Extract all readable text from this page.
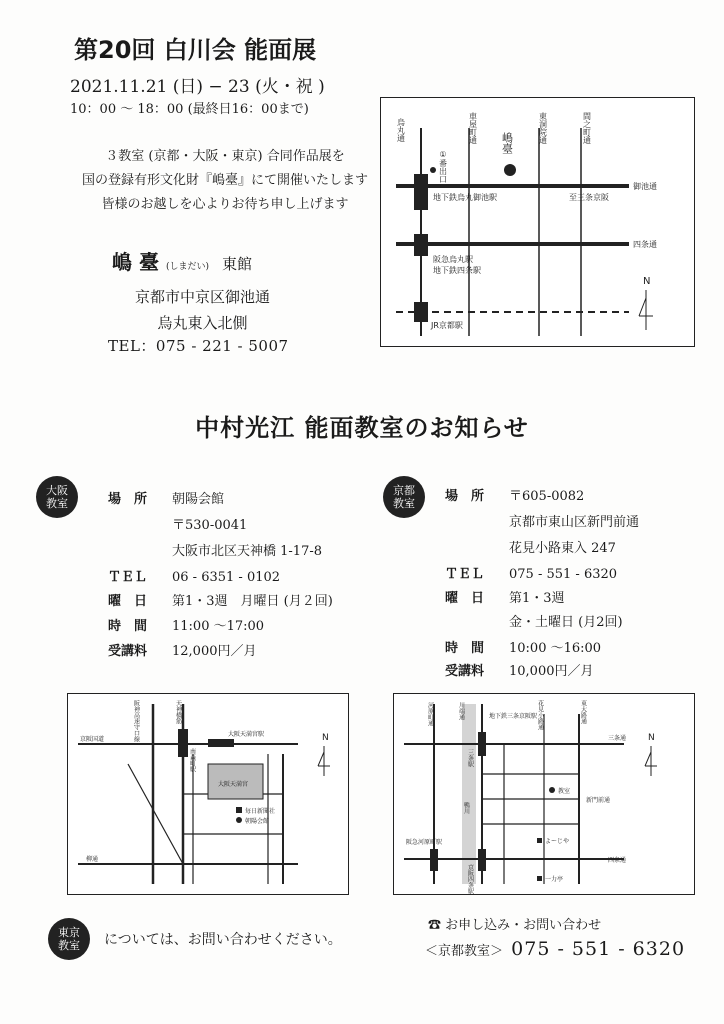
第20回 白川会 能面展
2021.11.21 (日) − 23 (火・祝 )
10：00 〜 18：00 (最終日16：00まで)
３教室 (京都・大阪・東京) 合同作品展を
国の登録有形文化財『嶋臺』にて開催いたします
皆様のお越しを心よりお待ち申し上げます
嶋 臺 (しまだい) 東館
京都市中京区御池通
烏丸東入北側
TEL：075 - 221 - 5007
烏丸通	車屋町通	東洞院通	間之町通
①番出口
嶋臺
地下鉄烏丸御池駅	至三条京阪
御池通
四条通
阪急烏丸駅
地下鉄四条駅
JR京都駅
N
中村光江 能面教室のお知らせ
大阪
教室	場　所 朝陽会館
〒530-0041
大阪市北区天神橋 1-17-8
ＴＥＬ 06 - 6351 - 0102
曜　日 第1・3週　月曜日 (月２回)
時　間 11:00 〜17:00
受講料 12,000円／月
京都
教室 場　所 〒605-0082
京都市東山区新門前通
花見小路東入 247
ＴＥＬ 075 - 551 - 6320
曜　日 第1・3週
金・土曜日 (月2回)
時　間 10:00 〜16:00
受講料 10,000円／月
天神橋筋
阪神高速守口線
南森町駅
大阪天満宮駅
大阪天満宮
毎日新聞社
朝陽会館
京阪国道
柳通
N
河原町通	川端通
三条駅
地下鉄三条京阪駅 花見小路通	東大路通
三条通
教室
新門前通
鴨川
阪急河原町駅	よーじや
一力亭
京阪四条駅
四条通
N
東京
教室 については、お問い合わせください。
☎ お申し込み・お問い合わせ
＜京都教室＞ 075 - 551 - 6320
